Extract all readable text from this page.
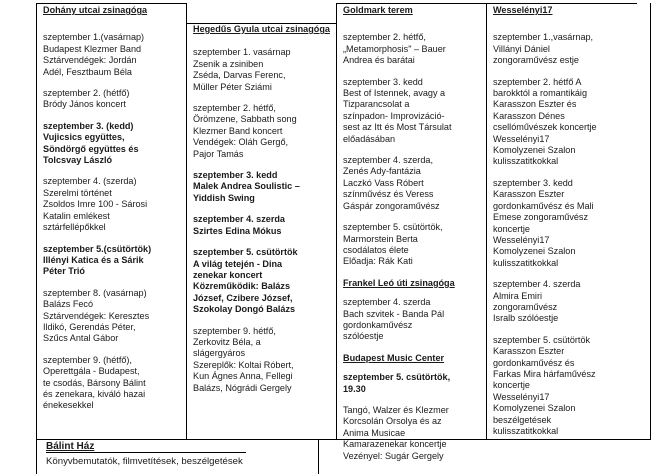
Dohány utcai zsinagóga
szeptember 1.(vasárnap)
Budapest Klezmer Band
Sztárvendégek: Jordán
Adél, Fesztbaum Béla
szeptember 2. (hétfő)
Bródy János koncert
szeptember 3. (kedd)
Vujicsics együttes,
Söndörgő együttes és
Tolcsvay László
szeptember 4. (szerda)
Szerelmi történet
Zsoldos Imre 100 - Sárosi
Katalin emlékest
sztárfellépőkkel
szeptember 5.(csütörtök)
Illényi Katica és a Sárik
Péter Trió
szeptember 8. (vasárnap)
Balázs Fecó
Sztárvendégek: Keresztes
Ildikó, Gerendás Péter,
Szűcs Antal Gábor
szeptember 9. (hétfő),
Operettgála - Budapest,
te csodás, Bársony Bálint
és zenekara, kiváló hazai
énekesekkel
Hegedűs Gyula utcai zsinagóga
szeptember 1. vasárnap
Zsenik a zsiniben
Zséda, Darvas Ferenc,
Müller Péter Sziámi
szeptember 2. hétfő,
Örömzene, Sabbath song
Klezmer Band koncert
Vendégek: Oláh Gergő,
Pajor Tamás
szeptember 3. kedd
Malek Andrea Soulistic –
Yiddish Swing
szeptember 4. szerda
Szirtes Edina Mókus
szeptember 5. csütörtök
A világ tetején - Dina
zenekar koncert
Közreműködik: Balázs
József, Czibere József,
Szokolay Dongó Balázs
szeptember 9. hétfő,
Zerkovitz Béla, a
slágergyáros
Szereplők: Koltai Róbert,
Kun Ágnes Anna, Fellegi
Balázs, Nógrádi Gergely
Goldmark terem
szeptember 2. hétfő,
„Metamorphosis" – Bauer
Andrea és barátai
szeptember 3. kedd
Best of Istennek, avagy a
Tizparancsolat a
színpadon- Improvizáció-
sest az Itt és Most Társulat
előadásában
szeptember 4. szerda,
Zenés Ady-fantázia
Laczkó Vass Róbert
színművész és Veress
Gáspár zongoraművész
szeptember 5. csütörtök,
Marmorstein Berta
csodálatos élete
Előadja: Rák Kati
Frankel Leó úti zsinagóga
szeptember 4. szerda
Bach szvitek - Banda Pál
gordonkaművész
szólóestje
Budapest Music Center
szeptember 5. csütörtök,
19.30
Tangó, Walzer és Klezmer
Korcsolán Orsolya és az
Anima Musicae
Kamarazenekar koncertje
Vezényel: Sugár Gergely
Wesselényi17
szeptember 1.,vasárnap,
Villányi Dániel
zongoraművész estje
szeptember 2. hétfő A
barokktól a romantikáig
Karasszon Eszter és
Karasszon Dénes
csellóművészek koncertje
Wesselényi17
Komolyzenei Szalon
kulisszatitkokkal
szeptember 3. kedd
Karasszon Eszter
gordonkaművész és Mali
Emese zongoraművész
koncertje
Wesselényi17
Komolyzenei Szalon
kulisszatitkokkal
szeptember 4. szerda
Almira Emiri
zongoraművész
Isralb szólóestje
szeptember 5. csütörtök
Karasszon Eszter
gordonkaművész és
Farkas Mira hárfaművész
koncertje
Wesselényi17
Komolyzenei Szalon
beszélgetések
kulisszatitkokkal
Bálint Ház
Könyvbemutatók, filmvetítések, beszélgetések
